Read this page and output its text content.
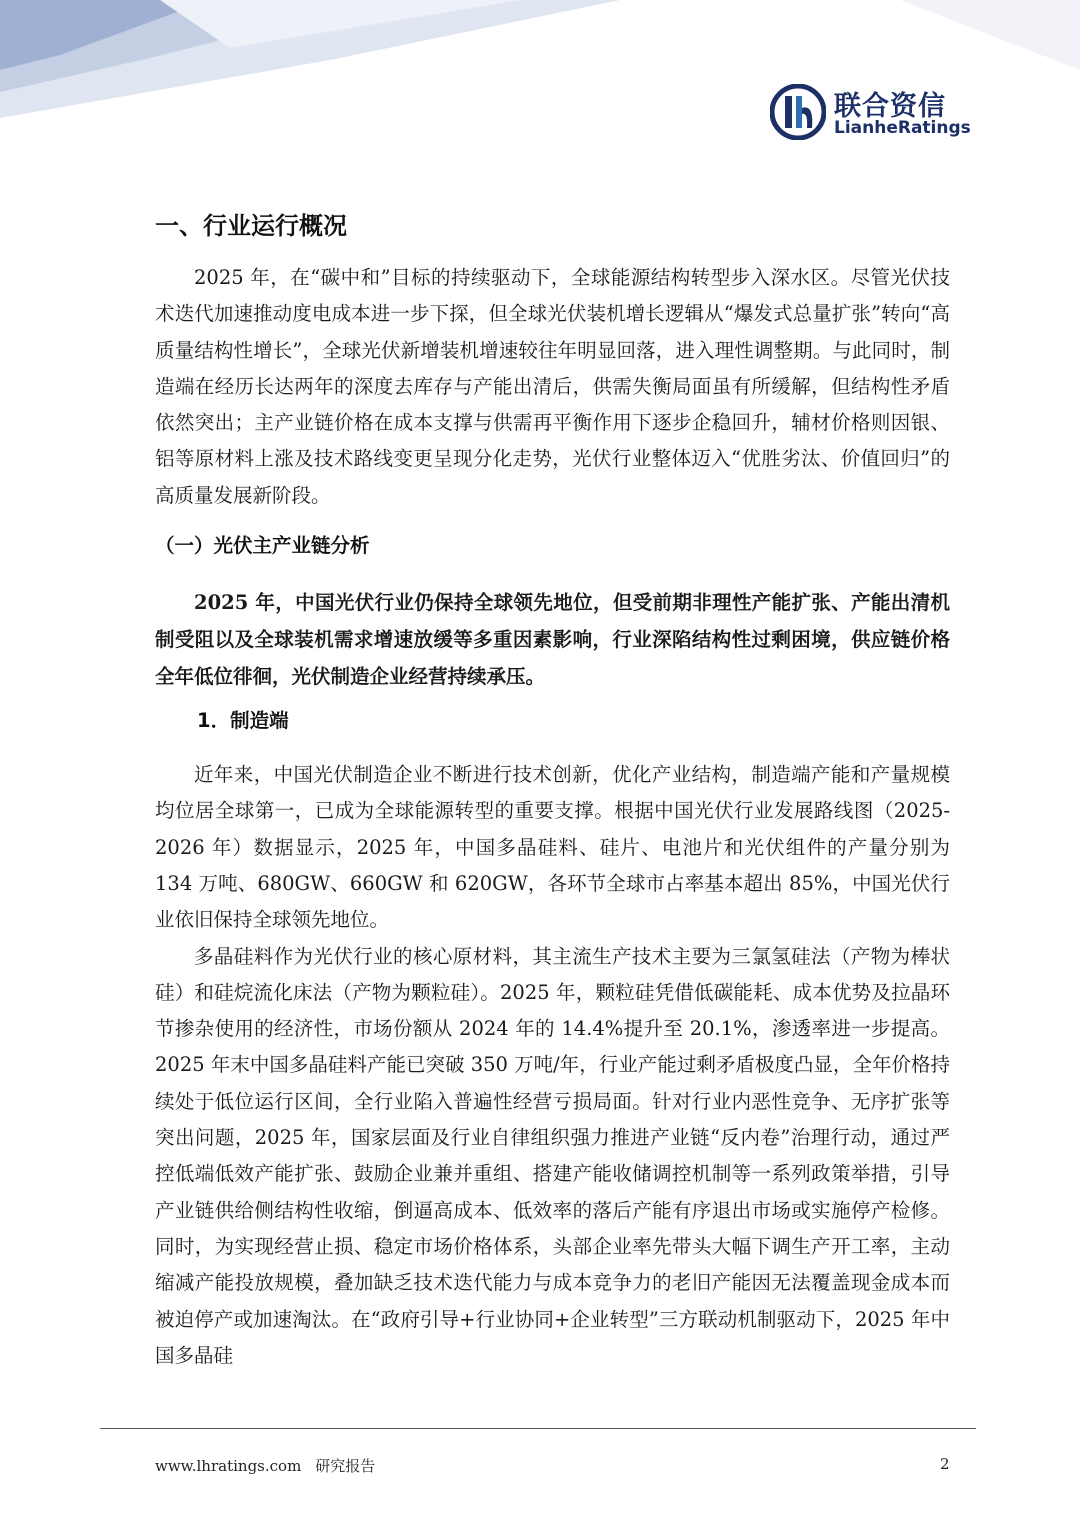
联合资信
LianheRatings
一、行业运行概况

2025 年，在“碳中和”目标的持续驱动下，全球能源结构转型步入深水区。尽管光伏技术迭代加速推动度电成本进一步下探，但全球光伏装机增长逻辑从“爆发式总量扩张”转向“高质量结构性增长”，全球光伏新增装机增速较往年明显回落，进入理性调整期。与此同时，制造端在经历长达两年的深度去库存与产能出清后，供需失衡局面虽有所缓解，但结构性矛盾依然突出；主产业链价格在成本支撑与供需再平衡作用下逐步企稳回升，辅材价格则因银、铝等原材料上涨及技术路线变更呈现分化走势，光伏行业整体迈入“优胜劣汰、价值回归”的高质量发展新阶段。

（一）光伏主产业链分析

2025 年，中国光伏行业仍保持全球领先地位，但受前期非理性产能扩张、产能出清机制受阻以及全球装机需求增速放缓等多重因素影响，行业深陷结构性过剩困境，供应链价格全年低位徘徊，光伏制造企业经营持续承压。

1．制造端

近年来，中国光伏制造企业不断进行技术创新，优化产业结构，制造端产能和产量规模均位居全球第一，已成为全球能源转型的重要支撑。根据中国光伏行业发展路线图（2025-2026 年）数据显示，2025 年，中国多晶硅料、硅片、电池片和光伏组件的产量分别为 134 万吨、680GW、660GW 和 620GW，各环节全球市占率基本超出 85%，中国光伏行业依旧保持全球领先地位。

多晶硅料作为光伏行业的核心原材料，其主流生产技术主要为三氯氢硅法（产物为棒状硅）和硅烷流化床法（产物为颗粒硅）。2025 年，颗粒硅凭借低碳能耗、成本优势及拉晶环节掺杂使用的经济性，市场份额从 2024 年的 14.4%提升至 20.1%，渗透率进一步提高。2025 年末中国多晶硅料产能已突破 350 万吨/年，行业产能过剩矛盾极度凸显，全年价格持续处于低位运行区间，全行业陷入普遍性经营亏损局面。针对行业内恶性竞争、无序扩张等突出问题，2025 年，国家层面及行业自律组织强力推进产业链“反内卷”治理行动，通过严控低端低效产能扩张、鼓励企业兼并重组、搭建产能收储调控机制等一系列政策举措，引导产业链供给侧结构性收缩，倒逼高成本、低效率的落后产能有序退出市场或实施停产检修。同时，为实现经营止损、稳定市场价格体系，头部企业率先带头大幅下调生产开工率，主动缩减产能投放规模，叠加缺乏技术迭代能力与成本竞争力的老旧产能因无法覆盖现金成本而被迫停产或加速淘汰。在“政府引导+行业协同+企业转型”三方联动机制驱动下，2025 年中国多晶硅

www.lhratings.com 研究报告	2
